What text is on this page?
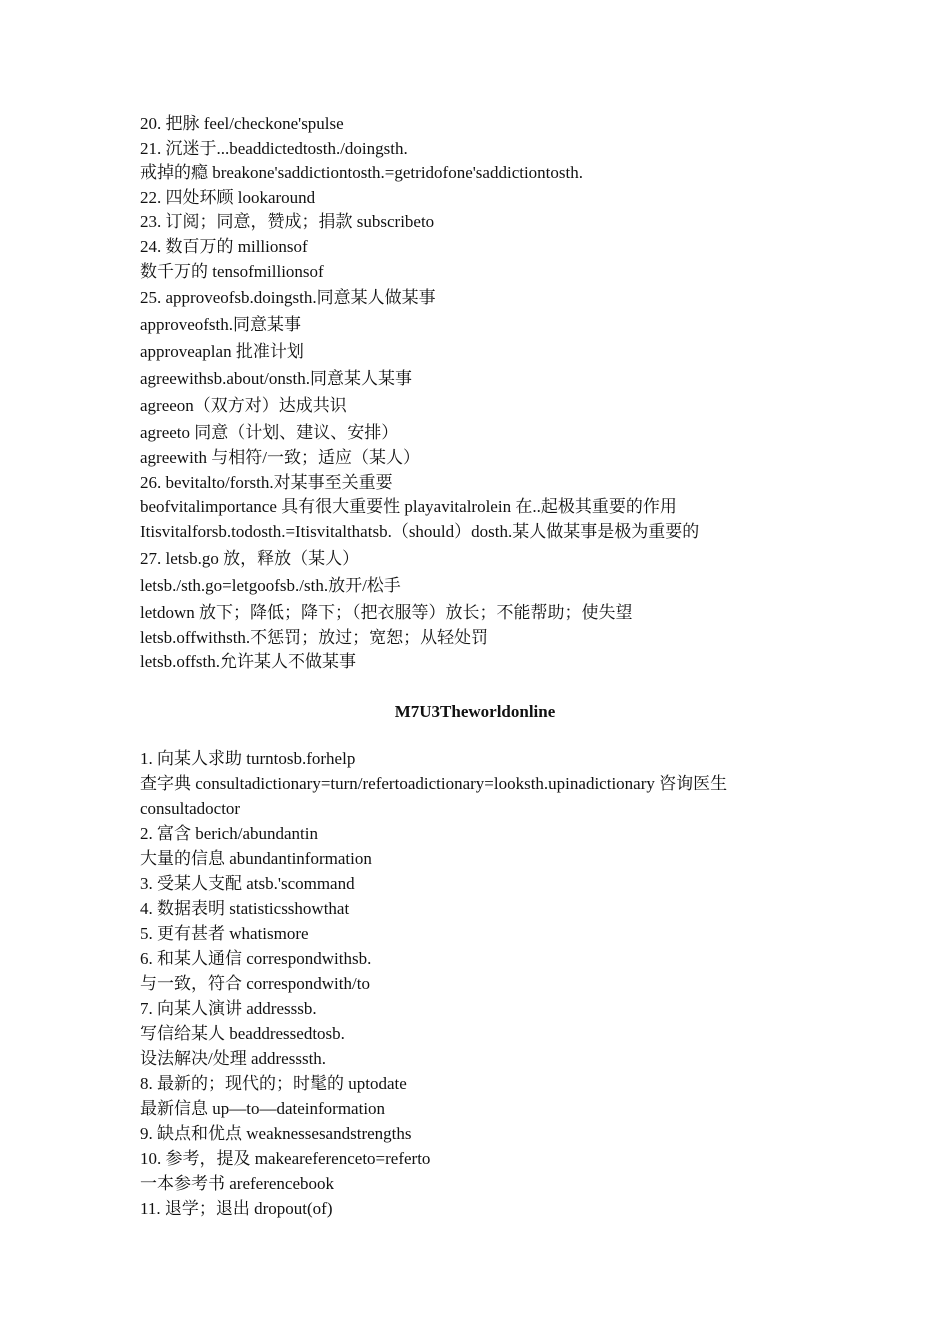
20. 把脉 feel/checkone'spulse
21. 沉迷于...beaddictedtosth./doingsth.
戒掉的瘾 breakone'saddictiontosth.=getridofone'saddictiontosth.
22. 四处环顾 lookaround
23. 订阅；同意，赞成；捐款 subscribeto
24. 数百万的 millionsof
数千万的 tensofmillionsof
25. approveofsb.doingsth.同意某人做某事
approveofsth.同意某事
approveaplan 批准计划
agreewithsb.about/onsth.同意某人某事
agreeon（双方对）达成共识
agreeto 同意（计划、建议、安排）
agreewith 与相符/一致；适应（某人）
26. bevitalto/forsth.对某事至关重要
beofvitalimportance 具有很大重要性 playavitalrolein 在..起极其重要的作用
Itisvitalforsb.todosth.=Itisvitalthatsb.（should）dosth.某人做某事是极为重要的
27. letsb.go 放，释放（某人）
letsb./sth.go=letgoofsb./sth.放开/松手
letdown 放下；降低；降下；（把衣服等）放长；不能帮助；使失望
letsb.offwithsth.不惩罚；放过；宽恕；从轻处罚
letsb.offsth.允许某人不做某事
M7U3Theworldonline
1. 向某人求助 turntosb.forhelp
查字典 consultadictionary=turn/refertoadictionary=looksth.upinadictionary 咨询医生
consultadoctor
2. 富含 berich/abundantin
大量的信息 abundantinformation
3. 受某人支配 atsb.'scommand
4. 数据表明 statisticsshowthat
5. 更有甚者 whatismore
6. 和某人通信 correspondwithsb.
与一致，符合 correspondwith/to
7. 向某人演讲 addresssb.
写信给某人 beaddressedtosb.
设法解决/处理 addresssth.
8. 最新的；现代的；时髦的 uptodate
最新信息 up—to—dateinformation
9. 缺点和优点 weaknessesandstrengths
10. 参考，提及 makeareferenceto=referto
一本参考书 areferencebook
11. 退学；退出 dropout(of)
